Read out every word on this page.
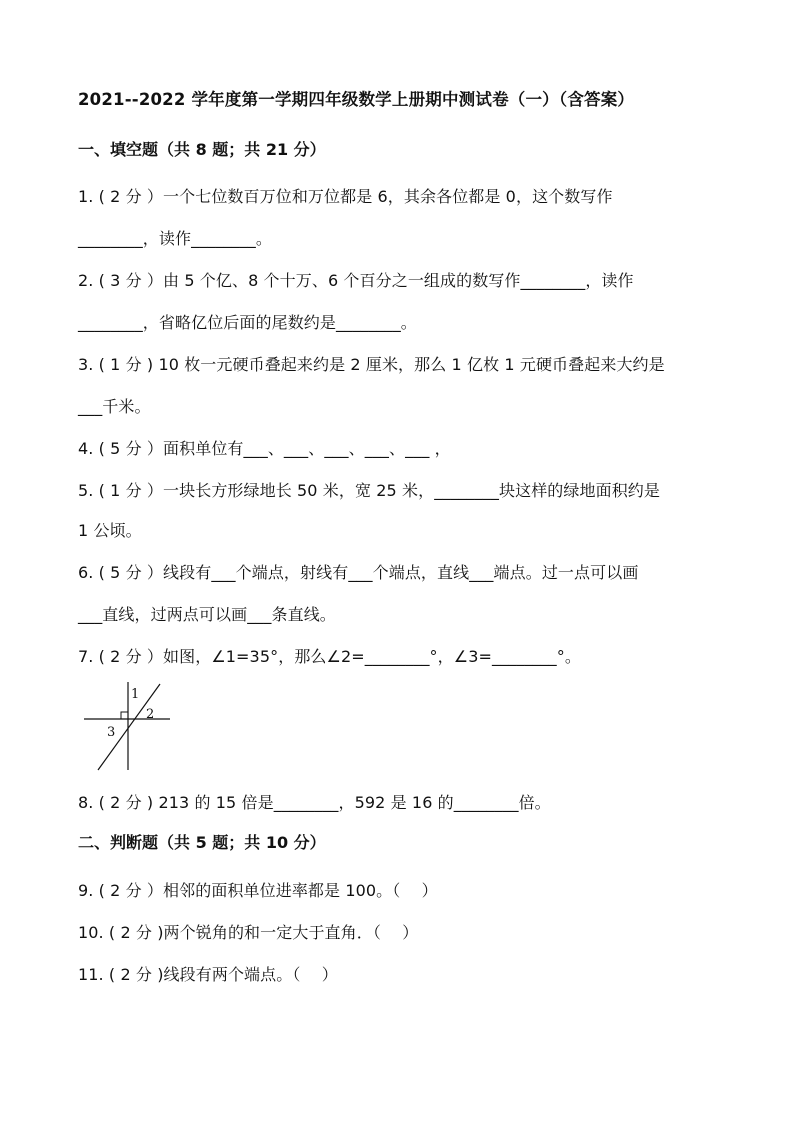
2021--2022 学年度第一学期四年级数学上册期中测试卷（一）（含答案）
一、填空题（共 8 题；共 21 分）
1. ( 2 分 ）一个七位数百万位和万位都是 6，其余各位都是 0，这个数写作
________，读作________。
2. ( 3 分 ）由 5 个亿、8 个十万、6 个百分之一组成的数写作________，读作
________，省略亿位后面的尾数约是________。
3. ( 1 分 ) 10 枚一元硬币叠起来约是 2 厘米，那么 1 亿枚 1 元硬币叠起来大约是
___千米。
4. ( 5 分 ）面积单位有___、___、___、___、___ ，
5. ( 1 分 ）一块长方形绿地长 50 米，宽 25 米，________块这样的绿地面积约是
1 公顷。
6. ( 5 分 ）线段有___个端点，射线有___个端点，直线___端点。过一点可以画
___直线，过两点可以画___条直线。
7. ( 2 分 ）如图，∠1=35°，那么∠2=________°，∠3=________°。
1
2
3
8. ( 2 分 ) 213 的 15 倍是________，592 是 16 的________倍。
二、判断题（共 5 题；共 10 分）
9. ( 2 分 ）相邻的面积单位进率都是 100。（　 ）
10. ( 2 分 )两个锐角的和一定大于直角．（　 ）
11. ( 2 分 )线段有两个端点。（　 ）
